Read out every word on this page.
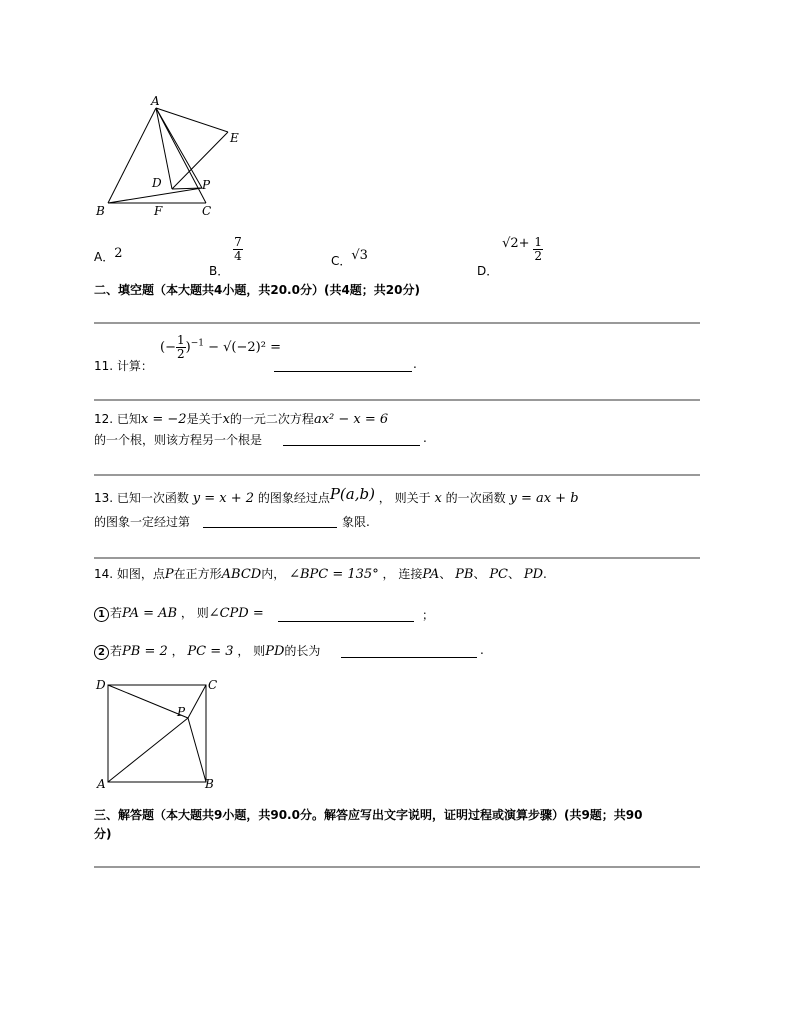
A
E
D	P
B	F	C
A．2
B．
$\frac{7}{4}$	C．√3
D． $√2+ \frac{1}{2}$
二、填空题（本大题共4小题，共20.0分）(共4题；共20分)
11. 计算：
(− $\frac{1}{2} )^{-1} - √(-2)^2$ =
.
12. 已知x = −2是关于x的一元二次方程ax² − x = 6
的一个根，则该方程另一个根是	.
13. 已知一次函数 y = x + 2 的图象经过点P(a,b) ， 则关于 x 的一次函数 y = ax + b
的图象一定经过第	象限.
14. 如图，点P在正方形ABCD内， ∠BPC = 135° ， 连接PA、 PB、 PC、 PD.
1 若PA = AB ， 则∠CPD =	；
2 若PB = 2 ， PC = 3 ， 则PD的长为	.
D	C
P
A	B
三、解答题（本大题共9小题，共90.0分。解答应写出文字说明，证明过程或演算步骤）(共9题；共90
分)
